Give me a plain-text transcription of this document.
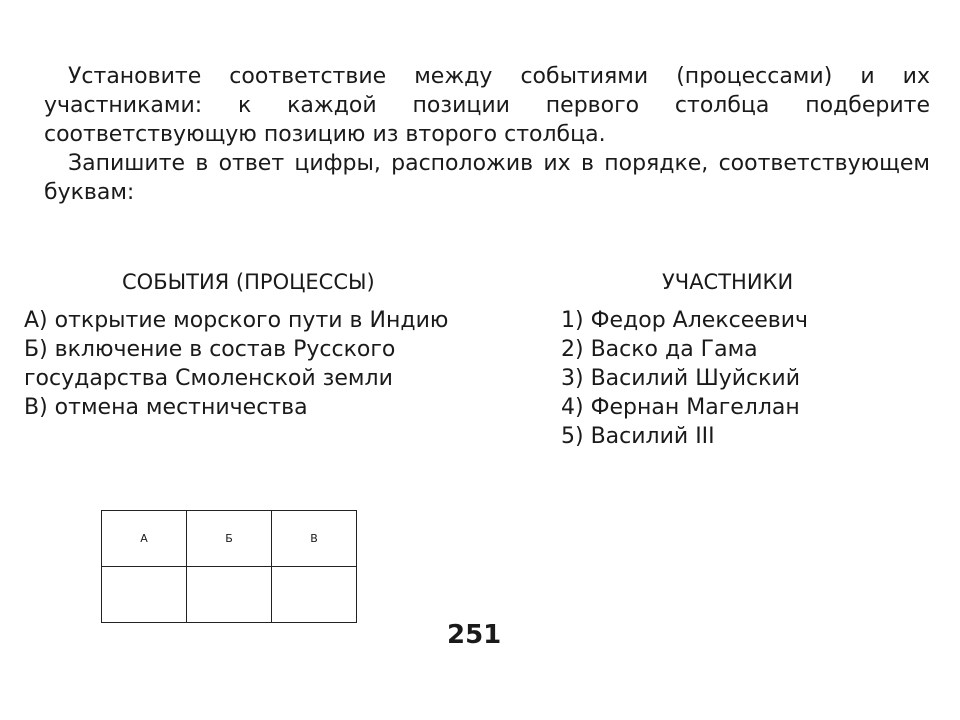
Установите соответствие между событиями (процессами) и их участниками: к каждой позиции первого столбца подберите соответствующую позицию из второго столбца.

Запишите в ответ цифры, расположив их в порядке, соответствующем буквам:

СОБЫТИЯ (ПРОЦЕССЫ)	УЧАСТНИКИ
А) открытие морского пути в Индию
Б) включение в состав Русского государства Смоленской земли
В) отмена местничества
1) Федор Алексеевич
2) Васко да Гама
3) Василий Шуйский
4) Фернан Магеллан
5) Василий III
А	Б	В

251
